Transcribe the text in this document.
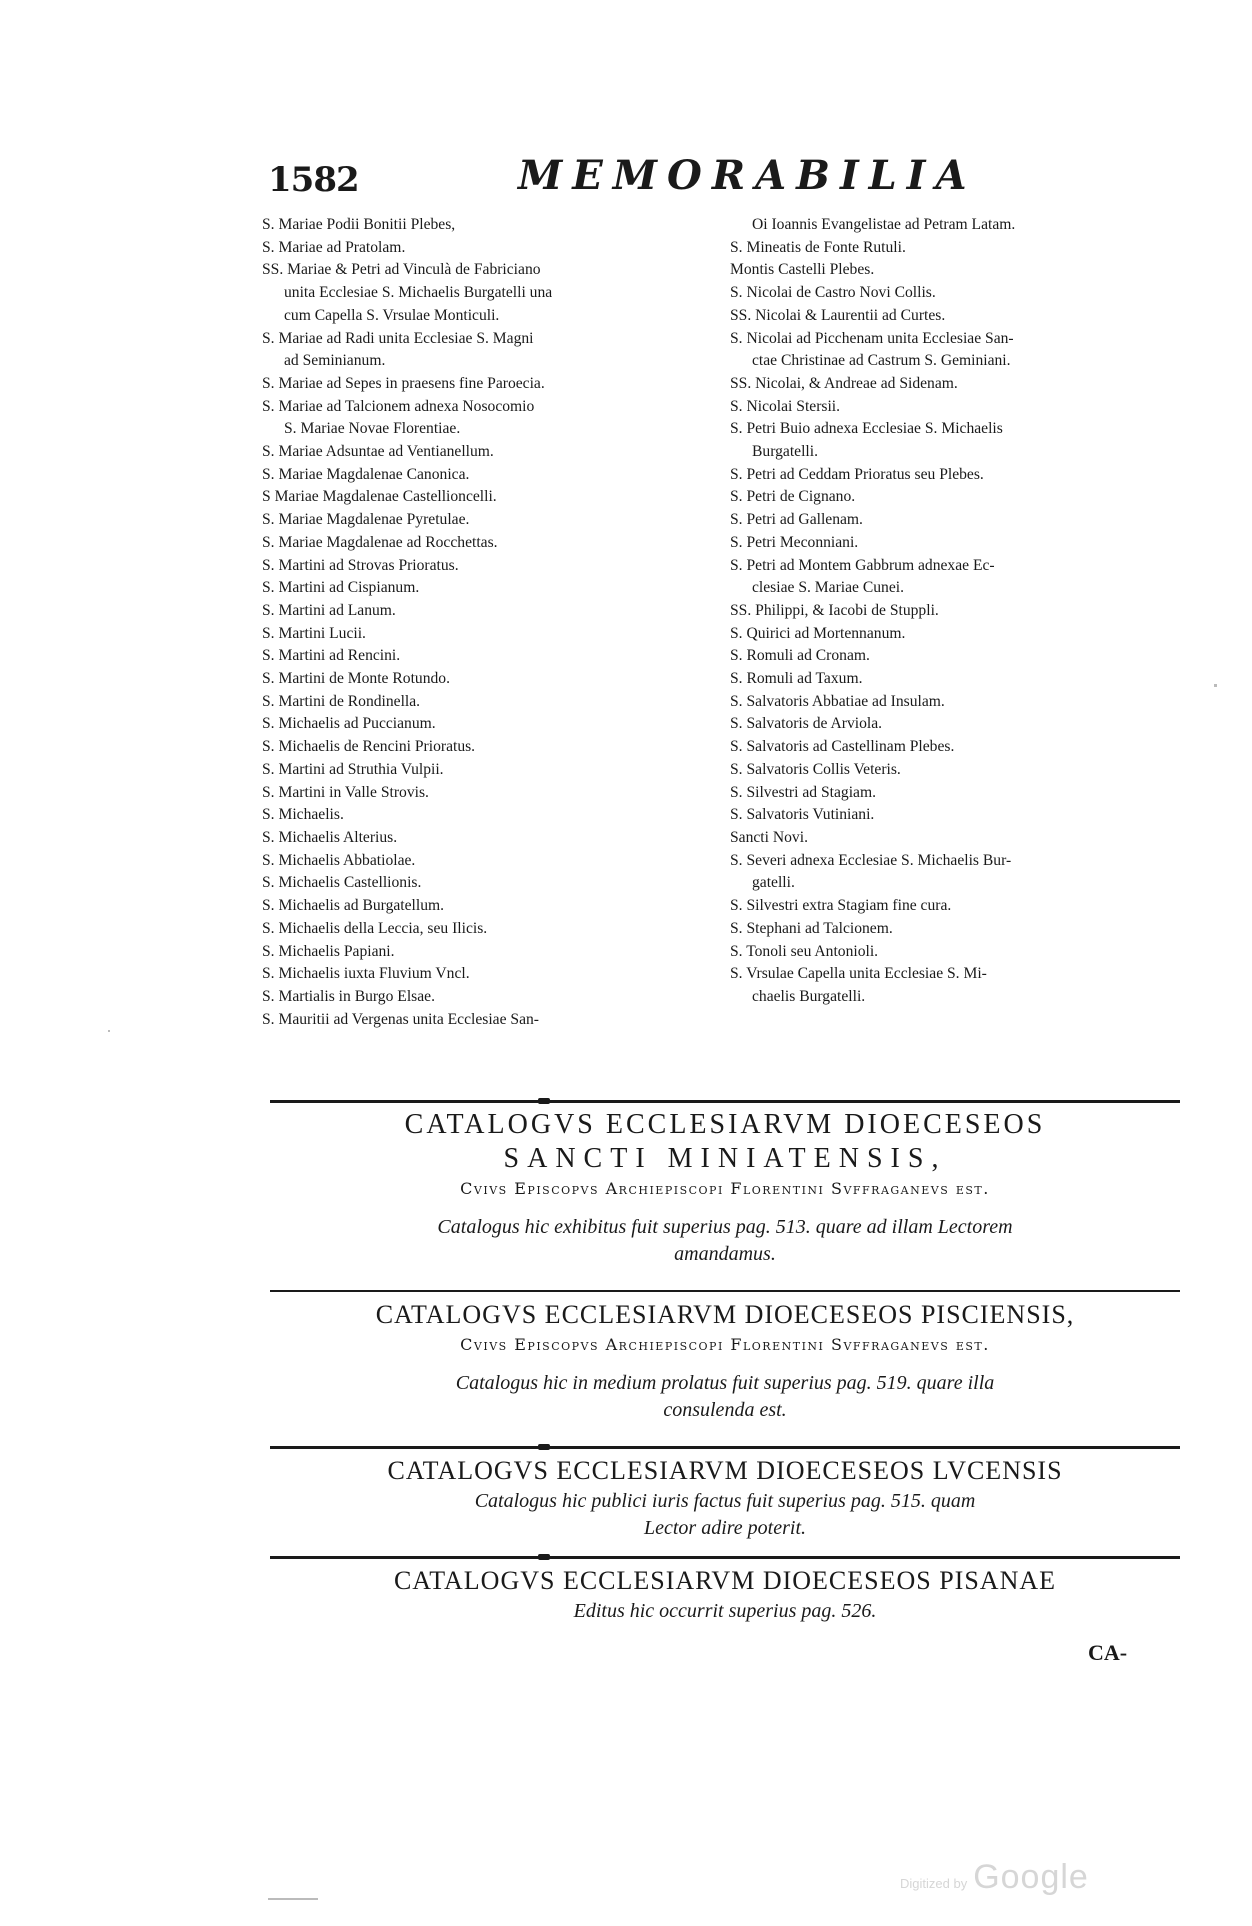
1582	MEMORABILIA
S. Mariae Podii Bonitii Plebes,
S. Mariae ad Pratolam.
SS. Mariae & Petri ad Vinculà de Fabriciano
unita Ecclesiae S. Michaelis Burgatelli una
cum Capella S. Vrsulae Monticuli.
S. Mariae ad Radi unita Ecclesiae S. Magni
ad Seminianum.
S. Mariae ad Sepes in praesens fine Paroecia.
S. Mariae ad Talcionem adnexa Nosocomio
S. Mariae Novae Florentiae.
S. Mariae Adsuntae ad Ventianellum.
S. Mariae Magdalenae Canonica.
S Mariae Magdalenae Castellioncelli.
S. Mariae Magdalenae Pyretulae.
S. Mariae Magdalenae ad Rocchettas.
S. Martini ad Strovas Prioratus.
S. Martini ad Cispianum.
S. Martini ad Lanum.
S. Martini Lucii.
S. Martini ad Rencini.
S. Martini de Monte Rotundo.
S. Martini de Rondinella.
S. Michaelis ad Puccianum.
S. Michaelis de Rencini Prioratus.
S. Martini ad Struthia Vulpii.
S. Martini in Valle Strovis.
S. Michaelis.
S. Michaelis Alterius.
S. Michaelis Abbatiolae.
S. Michaelis Castellionis.
S. Michaelis ad Burgatellum.
S. Michaelis della Leccia, seu Ilicis.
S. Michaelis Papiani.
S. Michaelis iuxta Fluvium Vncl.
S. Martialis in Burgo Elsae.
S. Mauritii ad Vergenas unita Ecclesiae San-
Oi Ioannis Evangelistae ad Petram Latam.
S. Mineatis de Fonte Rutuli.
Montis Castelli Plebes.
S. Nicolai de Castro Novi Collis.
SS. Nicolai & Laurentii ad Curtes.
S. Nicolai ad Picchenam unita Ecclesiae San-
ctae Christinae ad Castrum S. Geminiani.
SS. Nicolai, & Andreae ad Sidenam.
S. Nicolai Stersii.
S. Petri Buio adnexa Ecclesiae S. Michaelis
Burgatelli.
S. Petri ad Ceddam Prioratus seu Plebes.
S. Petri de Cignano.
S. Petri ad Gallenam.
S. Petri Meconniani.
S. Petri ad Montem Gabbrum adnexae Ec-
clesiae S. Mariae Cunei.
SS. Philippi, & Iacobi de Stuppli.
S. Quirici ad Mortennanum.
S. Romuli ad Cronam.
S. Romuli ad Taxum.
S. Salvatoris Abbatiae ad Insulam.
S. Salvatoris de Arviola.
S. Salvatoris ad Castellinam Plebes.
S. Salvatoris Collis Veteris.
S. Silvestri ad Stagiam.
S. Salvatoris Vutiniani.
Sancti Novi.
S. Severi adnexa Ecclesiae S. Michaelis Bur-
gatelli.
S. Silvestri extra Stagiam fine cura.
S. Stephani ad Talcionem.
S. Tonoli seu Antonioli.
S. Vrsulae Capella unita Ecclesiae S. Mi-
chaelis Burgatelli.
CATALOGVS ECCLESIARVM DIOECESEOS
SANCTI MINIATENSIS,
Cvivs Episcopvs Archiepiscopi Florentini Svffraganevs est.
Catalogus hic exhibitus fuit superius pag. 513. quare ad illam Lectorem
amandamus.
CATALOGVS ECCLESIARVM DIOECESEOS PISCIENSIS,
Cvivs Episcopvs Archiepiscopi Florentini Svffraganevs est.
Catalogus hic in medium prolatus fuit superius pag. 519. quare illa
consulenda est.
CATALOGVS ECCLESIARVM DIOECESEOS LVCENSIS
Catalogus hic publici iuris factus fuit superius pag. 515. quam
Lector adire poterit.
CATALOGVS ECCLESIARVM DIOECESEOS PISANAE
Editus hic occurrit superius pag. 526.
CA-
Digitized by Google
